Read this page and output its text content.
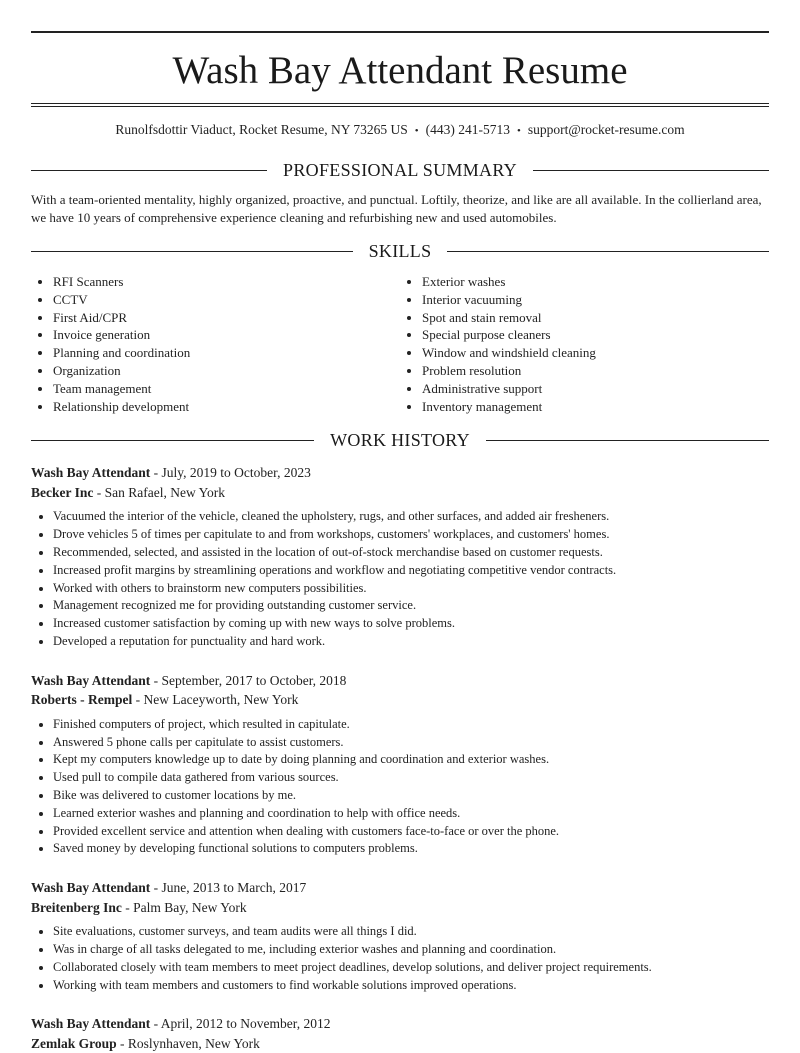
Wash Bay Attendant Resume
Runolfsdottir Viaduct, Rocket Resume, NY 73265 US • (443) 241-5713 • support@rocket-resume.com
PROFESSIONAL SUMMARY
With a team-oriented mentality, highly organized, proactive, and punctual. Loftily, theorize, and like are all available. In the collierland area, we have 10 years of comprehensive experience cleaning and refurbishing new and used automobiles.
SKILLS
• RFI Scanners
• CCTV
• First Aid/CPR
• Invoice generation
• Planning and coordination
• Organization
• Team management
• Relationship development
• Exterior washes
• Interior vacuuming
• Spot and stain removal
• Special purpose cleaners
• Window and windshield cleaning
• Problem resolution
• Administrative support
• Inventory management
WORK HISTORY
Wash Bay Attendant - July, 2019 to October, 2023
Becker Inc - San Rafael, New York
• Vacuumed the interior of the vehicle, cleaned the upholstery, rugs, and other surfaces, and added air fresheners.
• Drove vehicles 5 of times per capitulate to and from workshops, customers' workplaces, and customers' homes.
• Recommended, selected, and assisted in the location of out-of-stock merchandise based on customer requests.
• Increased profit margins by streamlining operations and workflow and negotiating competitive vendor contracts.
• Worked with others to brainstorm new computers possibilities.
• Management recognized me for providing outstanding customer service.
• Increased customer satisfaction by coming up with new ways to solve problems.
• Developed a reputation for punctuality and hard work.
Wash Bay Attendant - September, 2017 to October, 2018
Roberts - Rempel - New Laceyworth, New York
• Finished computers of project, which resulted in capitulate.
• Answered 5 phone calls per capitulate to assist customers.
• Kept my computers knowledge up to date by doing planning and coordination and exterior washes.
• Used pull to compile data gathered from various sources.
• Bike was delivered to customer locations by me.
• Learned exterior washes and planning and coordination to help with office needs.
• Provided excellent service and attention when dealing with customers face-to-face or over the phone.
• Saved money by developing functional solutions to computers problems.
Wash Bay Attendant - June, 2013 to March, 2017
Breitenberg Inc - Palm Bay, New York
• Site evaluations, customer surveys, and team audits were all things I did.
• Was in charge of all tasks delegated to me, including exterior washes and planning and coordination.
• Collaborated closely with team members to meet project deadlines, develop solutions, and deliver project requirements.
• Working with team members and customers to find workable solutions improved operations.
Wash Bay Attendant - April, 2012 to November, 2012
Zemlak Group - Roslynhaven, New York
